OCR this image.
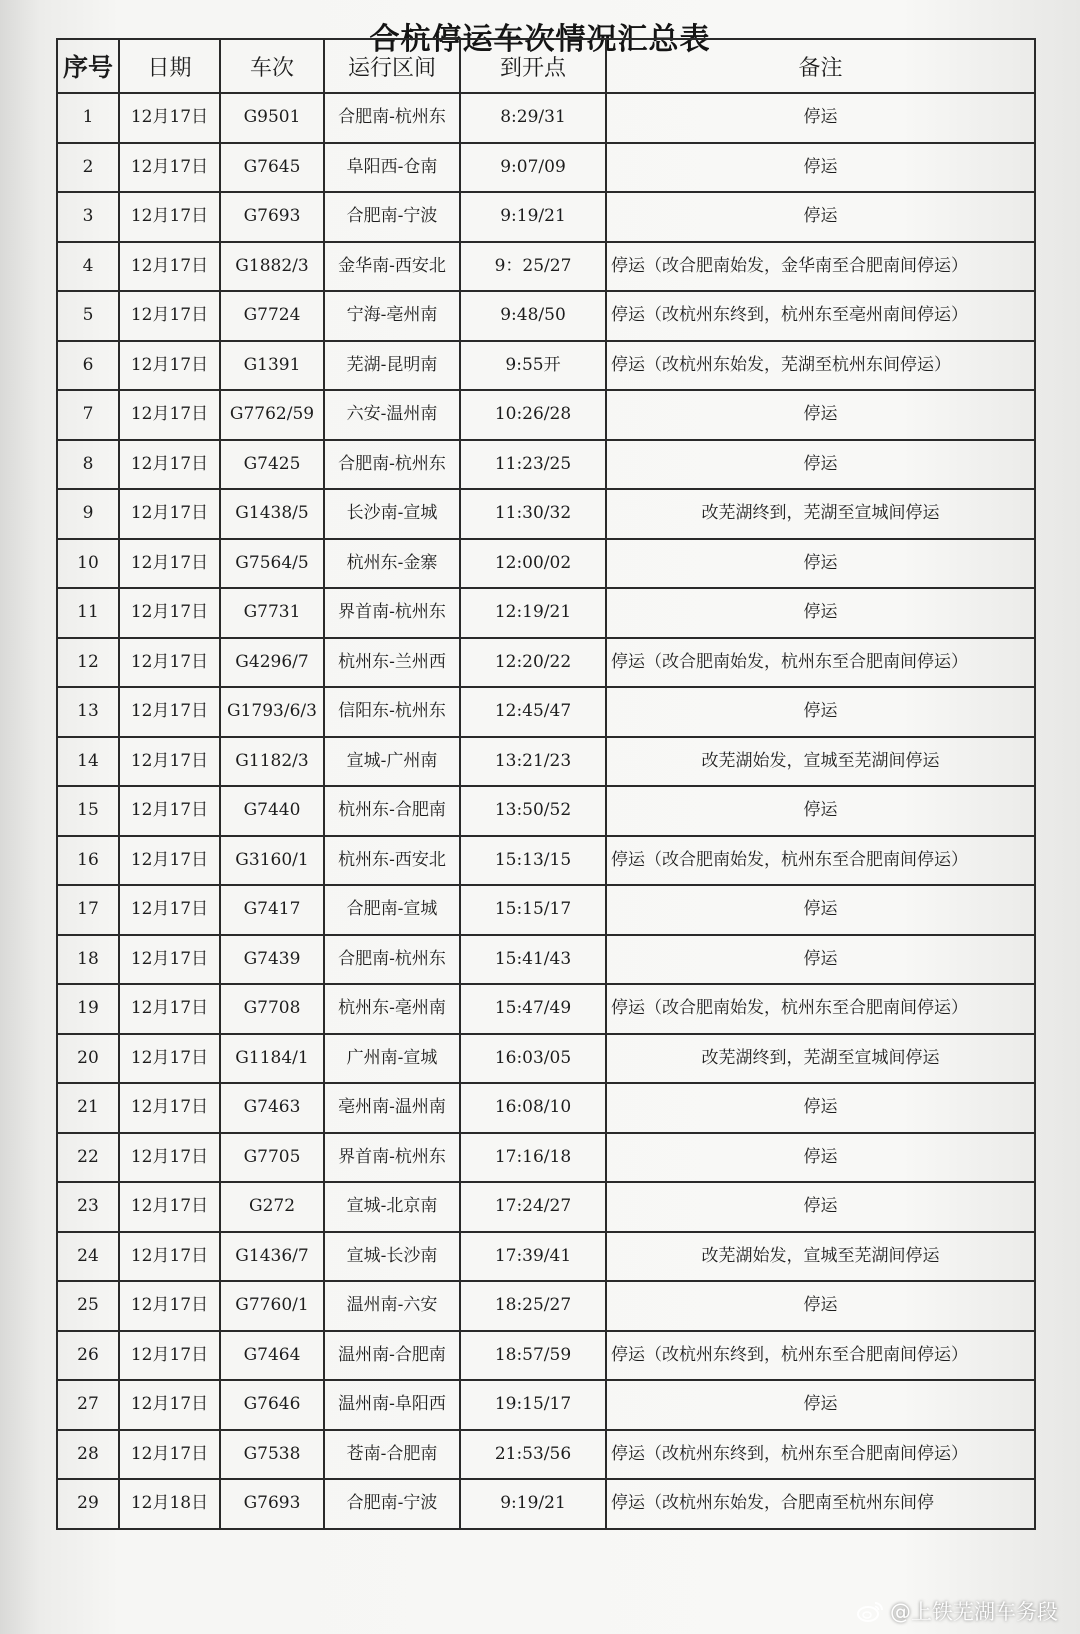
合杭停运车次情况汇总表
序号	日期	车次	运行区间	到开点	备注
1	12月17日	G9501	合肥南-杭州东	8:29/31	停运
2	12月17日	G7645	阜阳西-仓南	9:07/09	停运
3	12月17日	G7693	合肥南-宁波	9:19/21	停运
4	12月17日	G1882/3	金华南-西安北	9：25/27	停运（改合肥南始发，金华南至合肥南间停运）
5	12月17日	G7724	宁海-亳州南	9:48/50	停运（改杭州东终到，杭州东至亳州南间停运）
6	12月17日	G1391	芜湖-昆明南	9:55开	停运（改杭州东始发，芜湖至杭州东间停运）
7	12月17日	G7762/59	六安-温州南	10:26/28	停运
8	12月17日	G7425	合肥南-杭州东	11:23/25	停运
9	12月17日	G1438/5	长沙南-宣城	11:30/32	改芜湖终到，芜湖至宣城间停运
10	12月17日	G7564/5	杭州东-金寨	12:00/02	停运
11	12月17日	G7731	界首南-杭州东	12:19/21	停运
12	12月17日	G4296/7	杭州东-兰州西	12:20/22	停运（改合肥南始发，杭州东至合肥南间停运）
13	12月17日	G1793/6/3	信阳东-杭州东	12:45/47	停运
14	12月17日	G1182/3	宣城-广州南	13:21/23	改芜湖始发，宣城至芜湖间停运
15	12月17日	G7440	杭州东-合肥南	13:50/52	停运
16	12月17日	G3160/1	杭州东-西安北	15:13/15	停运（改合肥南始发，杭州东至合肥南间停运）
17	12月17日	G7417	合肥南-宣城	15:15/17	停运
18	12月17日	G7439	合肥南-杭州东	15:41/43	停运
19	12月17日	G7708	杭州东-亳州南	15:47/49	停运（改合肥南始发，杭州东至合肥南间停运）
20	12月17日	G1184/1	广州南-宣城	16:03/05	改芜湖终到，芜湖至宣城间停运
21	12月17日	G7463	亳州南-温州南	16:08/10	停运
22	12月17日	G7705	界首南-杭州东	17:16/18	停运
23	12月17日	G272	宣城-北京南	17:24/27	停运
24	12月17日	G1436/7	宣城-长沙南	17:39/41	改芜湖始发，宣城至芜湖间停运
25	12月17日	G7760/1	温州南-六安	18:25/27	停运
26	12月17日	G7464	温州南-合肥南	18:57/59	停运（改杭州东终到，杭州东至合肥南间停运）
27	12月17日	G7646	温州南-阜阳西	19:15/17	停运
28	12月17日	G7538	苍南-合肥南	21:53/56	停运（改杭州东终到，杭州东至合肥南间停运）
29	12月18日	G7693	合肥南-宁波	9:19/21	停运（改杭州东始发，合肥南至杭州东间停
@上铁芜湖车务段
